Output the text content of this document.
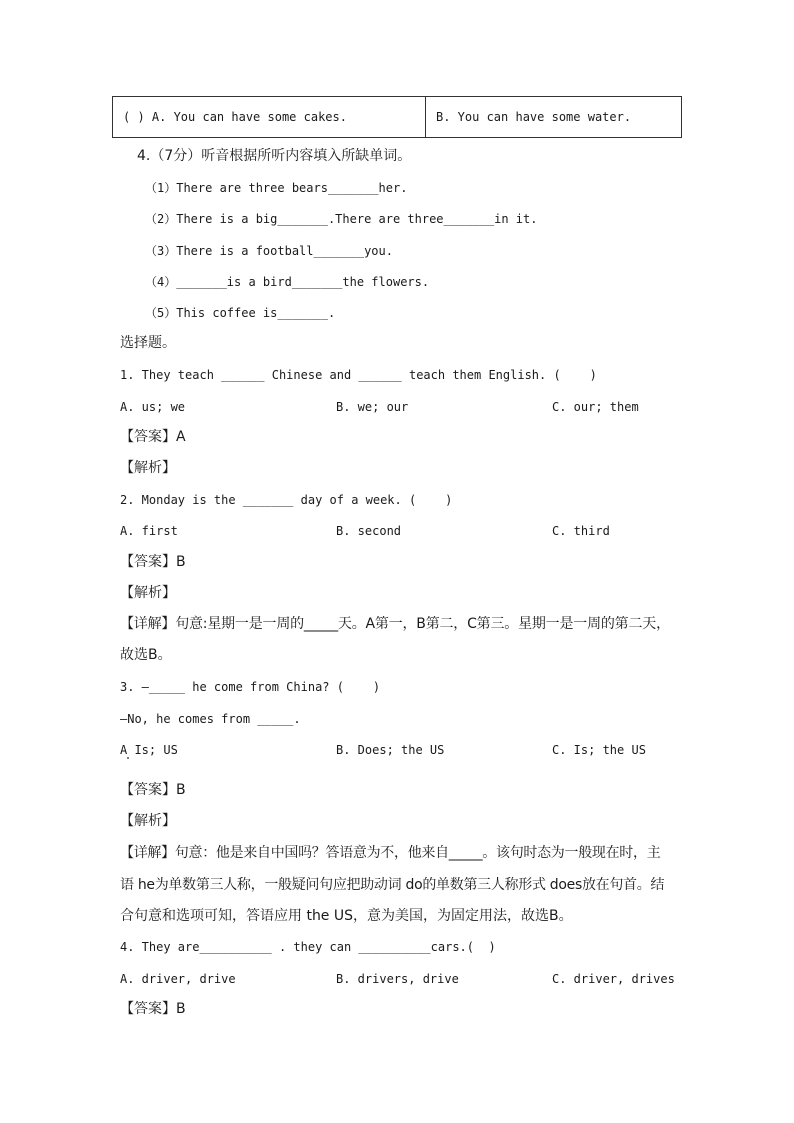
( ) A. You can have some cakes.	B. You can have some water.
4.（7分）听音根据所听内容填入所缺单词。
（1）There are three bears_______her.
（2）There is a big_______.There are three_______in it.
（3）There is a football_______you.
（4）_______is a bird_______the flowers.
（5）This coffee is_______.
选择题。
1. They teach ______ Chinese and ______ teach them English. (    )
A. us; we	B. we; our	C. our; them
【答案】A
【解析】
2. Monday is the _______ day of a week. (    )
A. first	B. second	C. third
【答案】B
【解析】
【详解】句意:星期一是一周的_____天。A第一，B第二，C第三。星期一是一周的第二天，
故选B。
3. —_____ he come from China? (    )
—No, he comes from _____.
A Is; US	B. Does; the US	C. Is; the US
【答案】B
【解析】
【详解】句意：他是来自中国吗？答语意为不，他来自_____。该句时态为一般现在时，主
语 he为单数第三人称，一般疑问句应把助动词 do的单数第三人称形式 does放在句首。结
合句意和选项可知，答语应用 the US，意为美国，为固定用法，故选B。
4. They are__________ . they can __________cars.(  )
A. driver, drive	B. drivers, drive	C. driver, drives
【答案】B
